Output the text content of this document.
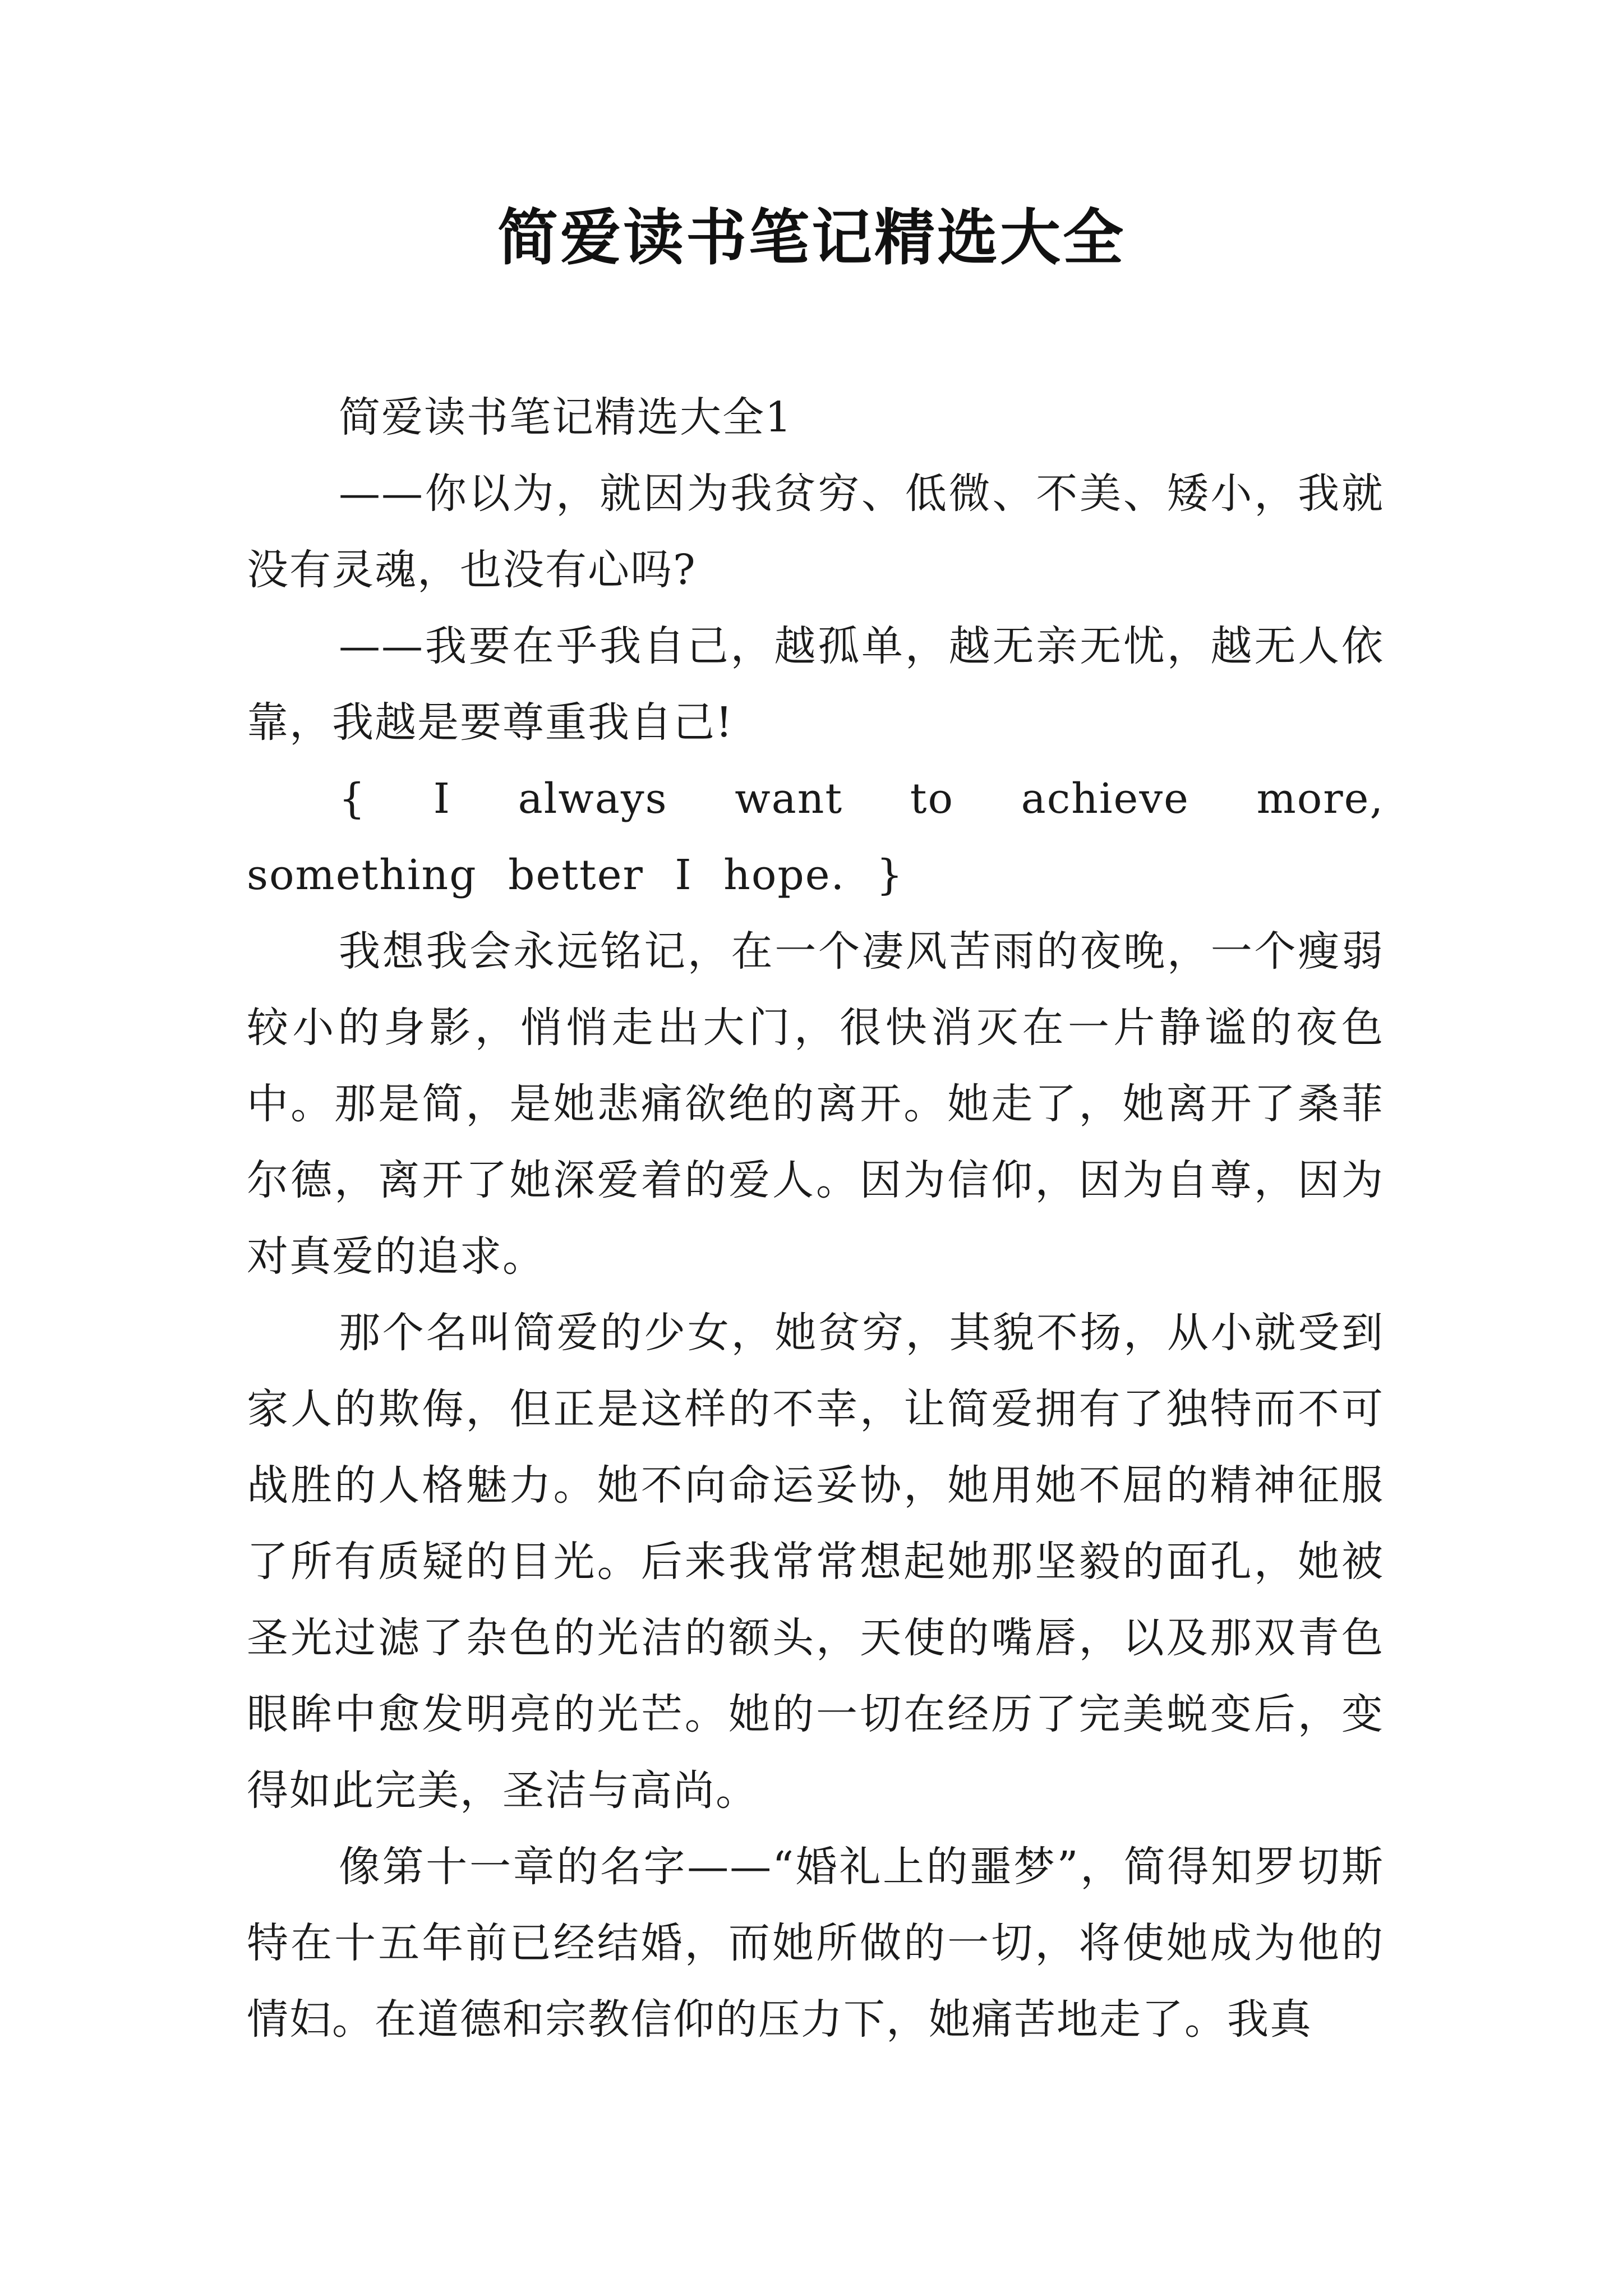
简爱读书笔记精选大全

简爱读书笔记精选大全1

——你以为，就因为我贫穷、低微、不美、矮小，我就没有灵魂，也没有心吗?

——我要在乎我自己，越孤单，越无亲无忧，越无人依靠，我越是要尊重我自己!

{ I always want to achieve more, something better I hope. }

我想我会永远铭记，在一个凄风苦雨的夜晚，一个瘦弱较小的身影，悄悄走出大门，很快消灭在一片静谧的夜色中。那是简，是她悲痛欲绝的离开。她走了，她离开了桑菲尔德，离开了她深爱着的爱人。因为信仰，因为自尊，因为对真爱的追求。

那个名叫简爱的少女，她贫穷，其貌不扬，从小就受到家人的欺侮，但正是这样的不幸，让简爱拥有了独特而不可战胜的人格魅力。她不向命运妥协，她用她不屈的精神征服了所有质疑的目光。后来我常常想起她那坚毅的面孔，她被圣光过滤了杂色的光洁的额头，天使的嘴唇，以及那双青色眼眸中愈发明亮的光芒。她的一切在经历了完美蜕变后，变得如此完美，圣洁与高尚。

像第十一章的名字——“婚礼上的噩梦”，简得知罗切斯特在十五年前已经结婚，而她所做的一切，将使她成为他的情妇。在道德和宗教信仰的压力下，她痛苦地走了。我真
